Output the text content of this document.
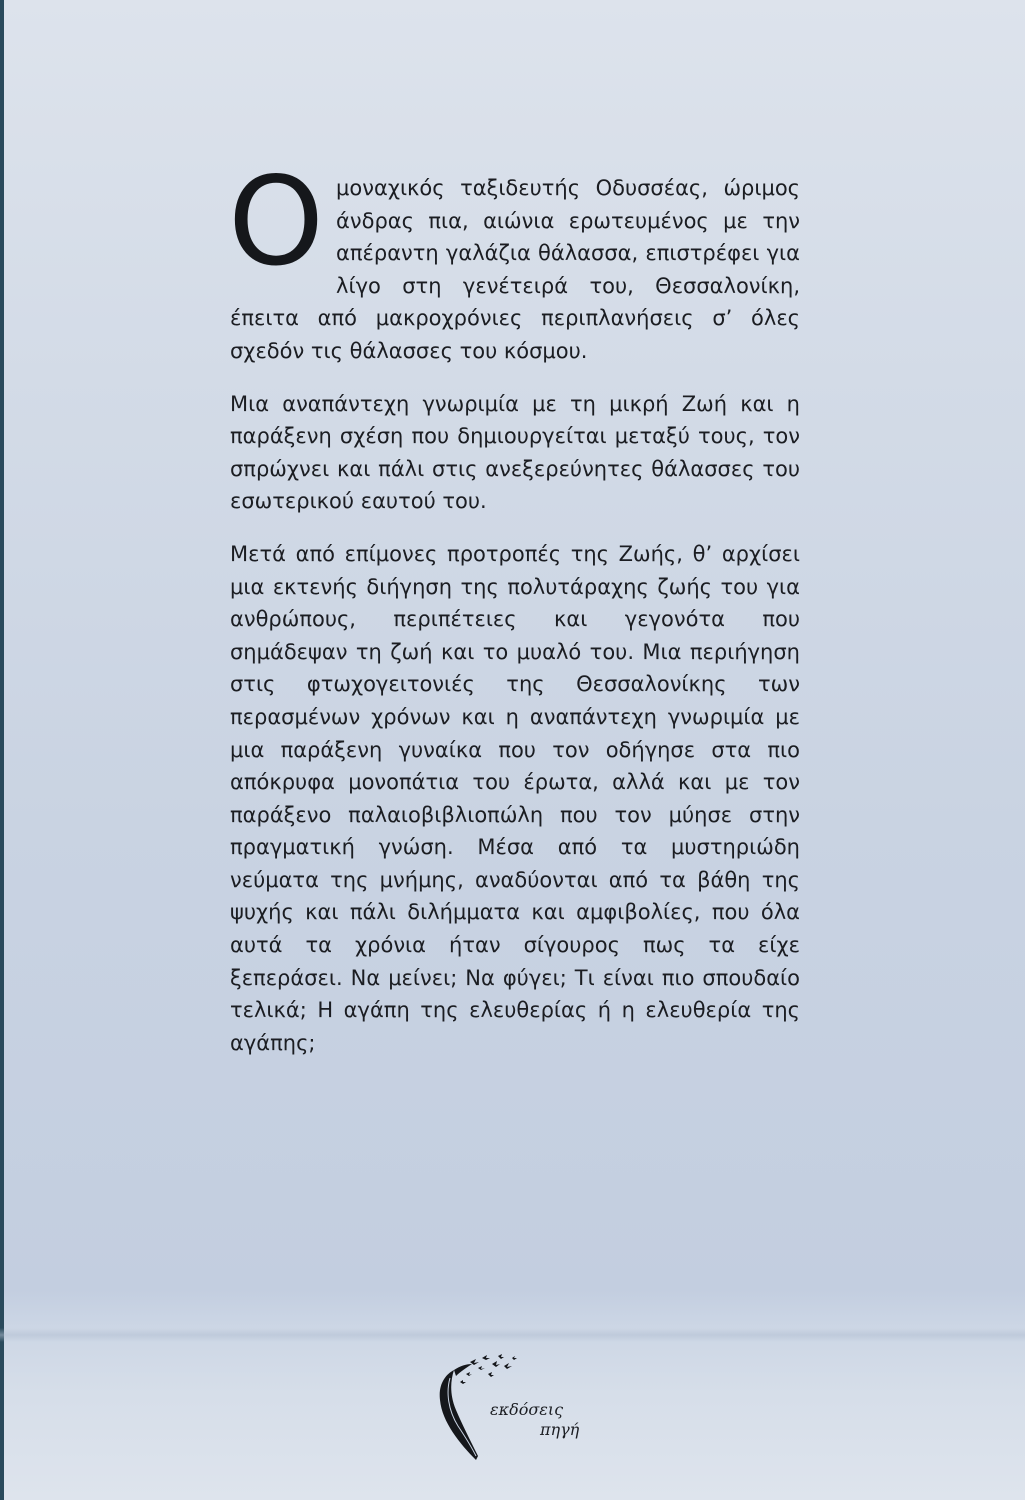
Ο μοναχικός ταξιδευτής Οδυσσέας, ώριμος άνδρας πια, αιώνια ερωτευμένος με την απέραντη γαλάζια θάλασσα, επιστρέφει για λίγο στη γενέτειρά του, Θεσσαλονίκη, έπειτα από μακροχρόνιες περιπλανήσεις σ’ όλες σχεδόν τις θάλασσες του κόσμου.

Μια αναπάντεχη γνωριμία με τη μικρή Ζωή και η παράξενη σχέση που δημιουργείται μεταξύ τους, τον σπρώχνει και πάλι στις ανεξερεύνητες θάλασσες του εσωτερικού εαυτού του.

Μετά από επίμονες προτροπές της Ζωής, θ’ αρχίσει μια εκτενής διήγηση της πολυτάραχης ζωής του για ανθρώπους, περιπέτειες και γεγονότα που σημάδεψαν τη ζωή και το μυαλό του. Μια περιήγηση στις φτωχογειτονιές της Θεσσαλονίκης των περασμένων χρόνων και η αναπάντεχη γνωριμία με μια παράξενη γυναίκα που τον οδήγησε στα πιο απόκρυφα μονοπάτια του έρωτα, αλλά και με τον παράξενο παλαιοβιβλιοπώλη που τον μύησε στην πραγματική γνώση. Μέσα από τα μυστηριώδη νεύματα της μνήμης, αναδύονται από τα βάθη της ψυχής και πάλι διλήμματα και αμφιβολίες, που όλα αυτά τα χρόνια ήταν σίγουρος πως τα είχε ξεπεράσει. Να μείνει; Να φύγει; Τι είναι πιο σπουδαίο τελικά; Η αγάπη της ελευθερίας ή η ελευθερία της αγάπης;

εκδόσεις
πηγή
